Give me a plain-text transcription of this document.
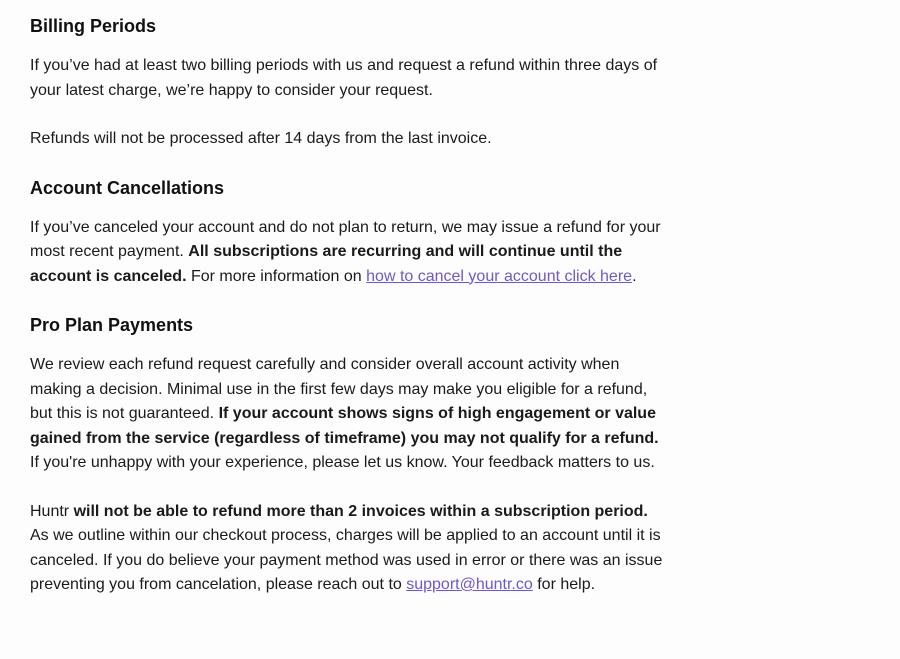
Billing Periods

If you’ve had at least two billing periods with us and request a refund within three days of your latest charge, we’re happy to consider your request.

Refunds will not be processed after 14 days from the last invoice.

Account Cancellations

If you’ve canceled your account and do not plan to return, we may issue a refund for your most recent payment. All subscriptions are recurring and will continue until the account is canceled. For more information on how to cancel your account click here.

Pro Plan Payments

We review each refund request carefully and consider overall account activity when making a decision. Minimal use in the first few days may make you eligible for a refund, but this is not guaranteed. If your account shows signs of high engagement or value gained from the service (regardless of timeframe) you may not qualify for a refund. If you're unhappy with your experience, please let us know. Your feedback matters to us.

Huntr will not be able to refund more than 2 invoices within a subscription period. As we outline within our checkout process, charges will be applied to an account until it is canceled. If you do believe your payment method was used in error or there was an issue preventing you from cancelation, please reach out to support@huntr.co for help.
